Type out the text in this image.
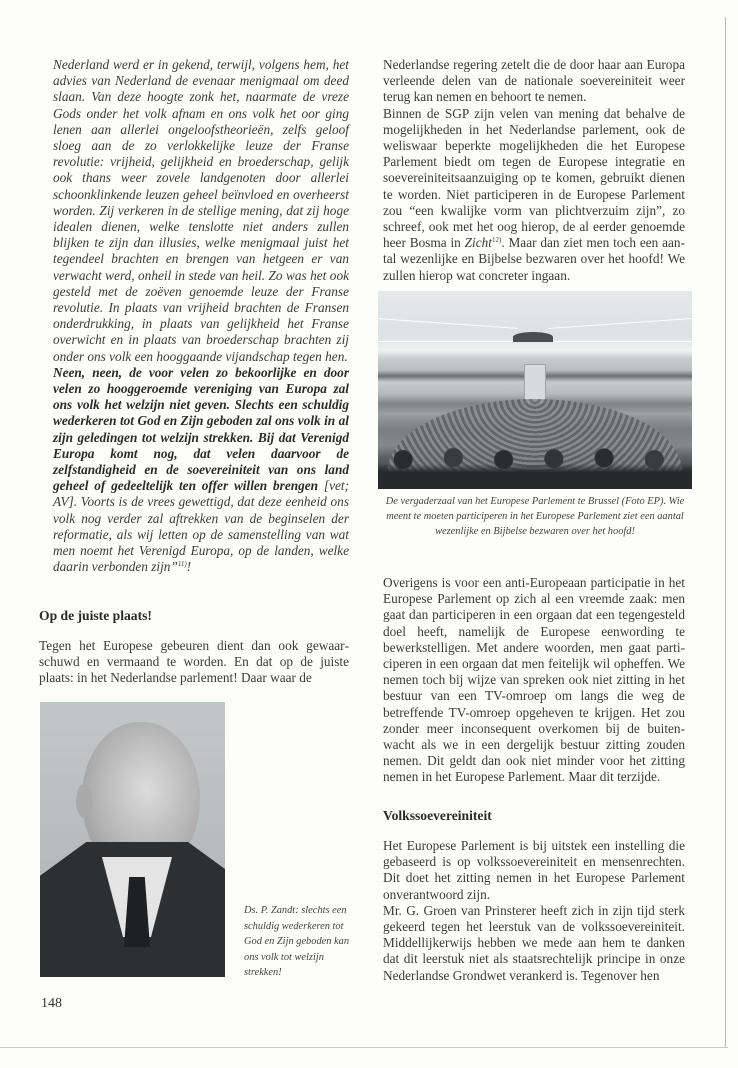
Nederland werd er in gekend, terwijl, volgens hem, het advies van Nederland de evenaar menigmaal om deed slaan. Van deze hoogte zonk het, naarmate de vreze Gods onder het volk afnam en ons volk het oor ging lenen aan allerlei ongeloofstheorieën, zelfs geloof sloeg aan de zo verlokkelijke leuze der Franse revolutie: vrijheid, gelijkheid en broederschap, gelijk ook thans weer zovele landgenoten door allerlei schoonklinkende leuzen geheel beïnvloed en overheerst worden. Zij verkeren in de stellige mening, dat zij hoge idealen dienen, welke tenslotte niet anders zullen blijken te zijn dan illusies, welke menigmaal juist het tegendeel brachten en brengen van hetgeen er van verwacht werd, onheil in stede van heil. Zo was het ook gesteld met de zoëven genoemde leuze der Franse revolutie. In plaats van vrijheid brachten de Fransen onderdrukking, in plaats van gelijkheid het Franse overwicht en in plaats van broederschap brachten zij onder ons volk een hooggaande vijandschap tegen hen.
Neen, neen, de voor velen zo bekoorlijke en door velen zo hooggeroemde vereniging van Europa zal ons volk het welzijn niet geven. Slechts een schuldig wederkeren tot God en Zijn geboden zal ons volk in al zijn geledingen tot welzijn strekken. Bij dat Verenigd Europa komt nog, dat velen daarvoor de zelfstandigheid en de soevereiniteit van ons land geheel of gedeeltelijk ten offer willen brengen [vet; AV]. Voorts is de vrees gewettigd, dat deze eenheid ons volk nog verder zal aftrekken van de beginselen der reformatie, als wij letten op de samenstelling van wat men noemt het Verenigd Europa, op de landen, welke daarin verbonden zijn”$^{11)}$!

Op de juiste plaats!

Tegen het Europese gebeuren dient dan ook gewaarschuwd en vermaand te worden. En dat op de juiste plaats: in het Nederlandse parlement! Daar waar de

Ds. P. Zandt: slechts een schuldig wederkeren tot God en Zijn geboden kan ons volk tot welzijn strekken!
148

Nederlandse regering zetelt die de door haar aan Europa verleende delen van de nationale soevereiniteit weer terug kan nemen en behoort te nemen.

Binnen de SGP zijn velen van mening dat behalve de mogelijkheden in het Nederlandse parlement, ook de weliswaar beperkte mogelijkheden die het Europese Parlement biedt om tegen de Europese integratie en soevereiniteitsaanzuiging op te komen, gebruikt dienen te worden. Niet participeren in de Europese Parlement zou “een kwalijke vorm van plichtverzuim zijn”, zo schreef, ook met het oog hierop, de al eerder genoemde heer Bosma in Zicht$^{12)}$. Maar dan ziet men toch een aantal wezenlijke en Bijbelse bezwaren over het hoofd! We zullen hierop wat concreter ingaan.

De vergaderzaal van het Europese Parlement te Brussel (Foto EP). Wie meent te moeten participeren in het Europese Parlement ziet een aantal wezenlijke en Bijbelse bezwaren over het hoofd!

Overigens is voor een anti-Europeaan participatie in het Europese Parlement op zich al een vreemde zaak: men gaat dan participeren in een orgaan dat een tegengesteld doel heeft, namelijk de Europese eenwording te bewerkstelligen. Met andere woorden, men gaat participeren in een orgaan dat men feitelijk wil opheffen. We nemen toch bij wijze van spreken ook niet zitting in het bestuur van een TV-omroep om langs die weg de betreffende TV-omroep opgeheven te krijgen. Het zou zonder meer inconsequent overkomen bij de buitenwacht als we in een dergelijk bestuur zitting zouden nemen. Dit geldt dan ook niet minder voor het zitting nemen in het Europese Parlement. Maar dit terzijde.

Volkssoevereiniteit

Het Europese Parlement is bij uitstek een instelling die gebaseerd is op volkssoevereiniteit en mensenrechten. Dit doet het zitting nemen in het Europese Parlement onverantwoord zijn.

Mr. G. Groen van Prinsterer heeft zich in zijn tijd sterk gekeerd tegen het leerstuk van de volkssoevereiniteit. Middellijkerwijs hebben we mede aan hem te danken dat dit leerstuk niet als staatsrechtelijk principe in onze Nederlandse Grondwet verankerd is. Tegenover hen
